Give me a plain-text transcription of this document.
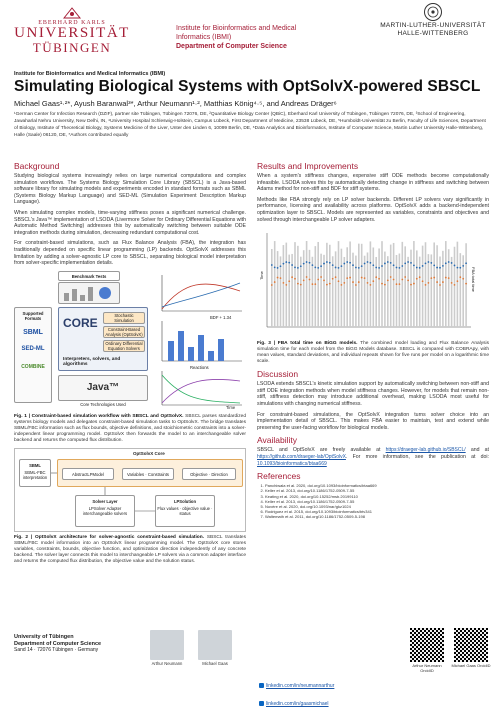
EBERHARD KARLS
UNIVERSITÄT
TÜBINGEN
Institute for Bioinformatics and Medical
Informatics (IBMI)
Department of Computer Science
MARTIN-LUTHER-UNIVERSITÄT
HALLE-WITTENBERG
Institute for Bioinformatics and Medical Informatics (IBMI)
Simulating Biological Systems with OptSolvX-powered SBSCL
Michael Gaas¹·²*, Ayush Baranwal³*, Arthur Neumann¹·², Matthias König⁴·⁵, and Andreas Dräger⁶
¹German Center for Infection Research (DZIF), partner site Tübingen, Tübingen 72076, DE, ²Quantitative Biology Center (QBiC), Eberhard Karl University of Tübingen, Tübingen 72076, DE, ³School of Engineering, Jawaharlal Nehru University, New Delhi, IN, ⁴University Hospital Schleswig-Holstein, Campus Lübeck, First Department of Medicine, 23538 Lübeck, DE, ⁵Humboldt-Universität zu Berlin, Faculty of Life Sciences, Department of Biology, Institute of Theoretical Biology, Systems Medicine of the Liver, Unter den Linden 6, 10099 Berlin, DE, ⁶Data Analytics and Bioinformatics, Institute of Computer Science, Martin Luther University Halle-Wittenberg, Halle (Saale) 06120, DE, *Authors contributed equally
Background

Studying biological systems increasingly relies on large numerical computations and complex simulation workflows. The Systems Biology Simulation Core Library (SBSCL) is a Java-based software library for simulating models and experiments encoded in standard formats such as SBML (Systems Biology Markup Language) and SED-ML (Simulation Experiment Description Markup Language).

When simulating complex models, time-varying stiffness poses a significant numerical challenge. SBSCL's Java™ implementation of LSODA (Livermore Solver for Ordinary Differential Equations with Automatic Method Switching) addresses this by automatically switching between suitable ODE integration methods during simulation, decreasing redundant computational cost.

For constraint-based simulations, such as Flux Balance Analysis (FBA), the integration has traditionally depended on specific linear programming (LP) backends. OptSolvX addresses this limitation by adding a solver-agnostic LP core to SBSCL, separating biological model interpretation from solver-specific implementation details.

Benchmark Tests
Supported Formats
SBML
SED-ML
COMBINE
CORE
Stochastic Simulation
Constraint-Based Analysis (OptSolvX)
Ordinary Differential Equation Solvers
Interpreters, solvers, and algorithms
Java™
Core Technologies Used
BDF + 1.34
Reactions
Time
Fig. 1 | Constraint-based simulation workflow with SBSCL and OptSolvX. SBSCL parses standardized systems biology models and delegates constraint-based simulation tasks to OptSolvX. The bridge translates SBML/FBC information such as flux bounds, objective definitions, and stoichiometric constraints into a solver-independent linear programming model. OptSolvX then forwards the model to an interchangeable solver backend and returns the computed flux distribution.
OptSolvX Core
SBML
SBML-FBC interpretation
AbstractLPModel	Variables · Constraints	Objective · Direction
Solver Layer
LPSolver Adapter interchangeable solvers
LPSolution
Flux values · objective value · status
Fig. 2 | OptSolvX architecture for solver-agnostic constraint-based simulation. SBSCL translates SBML/FBC model information into an OptSolvX linear programming model. The OptSolvX core stores variables, constraints, bounds, objective function, and optimization direction independently of any concrete backend. The solver layer connects this model to interchangeable LP solvers via a common adapter interface and returns the computed flux distribution, the objective value and the solution status.
University of Tübingen
Department of Computer Science
Sand 14 · 72076 Tübingen · Germany
Arthur Neumann	Michael Gaas
Results and Improvements

When a system's stiffness changes, expensive stiff ODE methods become computationally infeasible. LSODA solves this by automatically detecting change in stiffness and switching between Adams method for non-stiff and BDF for stiff systems.

Methods like FBA strongly rely on LP solver backends. Different LP solvers vary significantly in performance, licensing and availability across platforms. OptSolvX adds a backend-independent optimization layer to SBSCL. Models are represented as variables, constraints and objectives and solved through interchangeable LP solver adapters.

Time	FBA total time
Fig. 3 | FBA total time on BiGG models. The combined model loading and Flux Balance Analysis simulation time for each model from the BiGG Models database. SBSCL is compared with COBRApy, with mean values, standard deviations, and individual repeats shown for five runs per model on a logarithmic time scale.
Discussion

LSODA extends SBSCL's kinetic simulation support by automatically switching between non-stiff and stiff ODE integration methods when model stiffness changes. However, for models that remain non-stiff, stiffness detection may introduce additional overhead, making LSODA most useful for simulations with changing numerical stiffness.

For constraint-based simulations, the OptSolvX integration turns solver choice into an implementation detail of SBSCL. This makes FBA easier to maintain, test and extend while preserving the user-facing workflow for biological models.

Availability

SBSCL and OptSolvX are freely available at https://draeger-lab.github.io/SBSCL/ and at https://github.com/draeger-lab/OptSolvX. For more information, see the publication at doi: 10.1093/bioinformatics/btaa669

References
1. Panchiwala et al. 2020, doi.org/10.1093/bioinformatics/btaa669
2. Keller et al. 2013, doi.org/10.1186/1752-0509-7-55
3. Keating et al. 2020, doi.org/10.15252/msb.20199110
4. Keller et al. 2013, doi.org/10.1186/1752-0509-7-55
5. Novère et al. 2020, doi.org/10.1093/nar/gkz1024
6. Rodriguez et al. 2015, doi.org/10.1093/bioinformatics/btv341
7. Waltemath et al. 2011, doi.org/10.1186/1752-0509-5-198
Arthur Neumann OrcidID
Michael Gaas OrcidID
linkedin.com/in/neumannarthur
linkedin.com/in/gaasmichael
